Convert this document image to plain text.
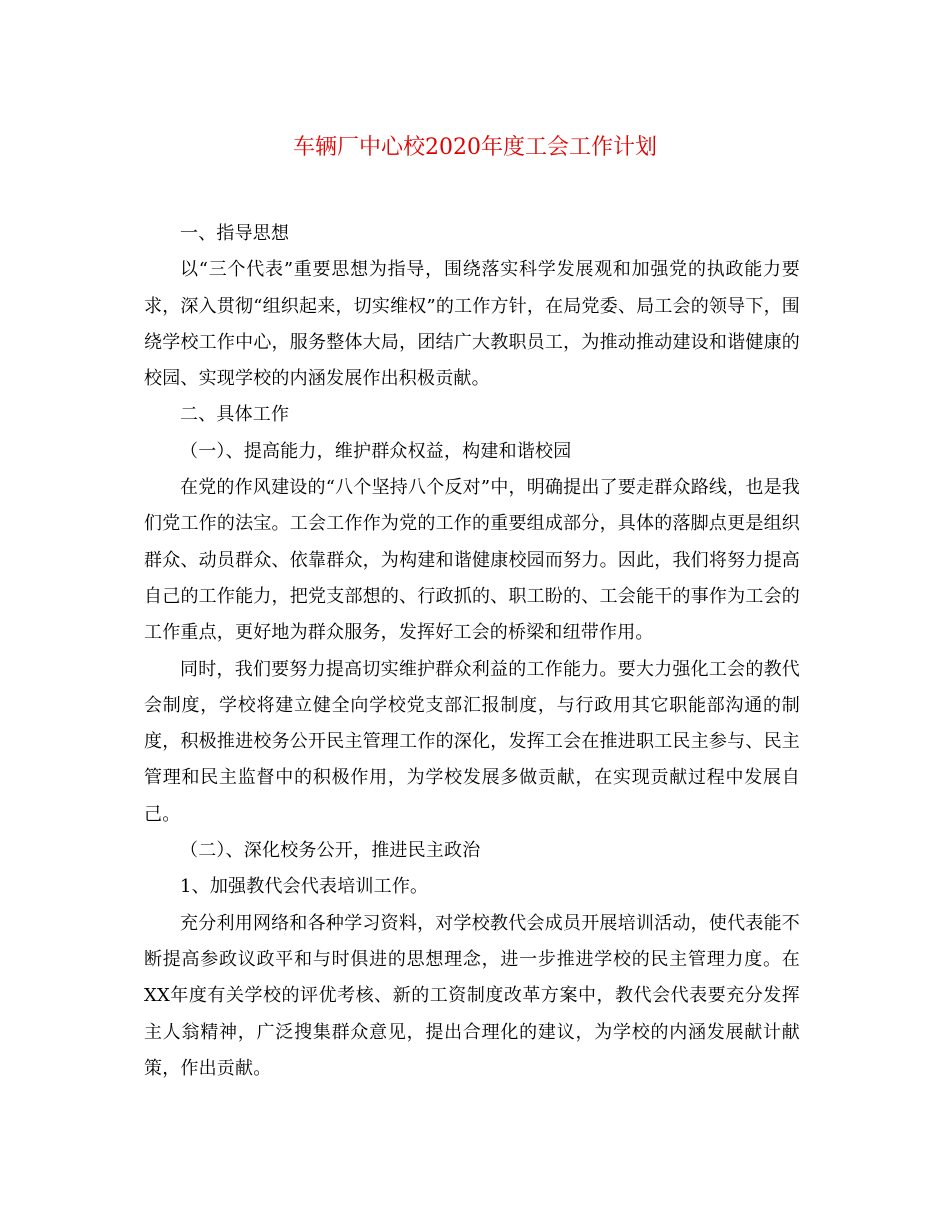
车辆厂中心校2020年度工会工作计划

一、指导思想

以“三个代表”重要思想为指导，围绕落实科学发展观和加强党的执政能力要求，深入贯彻“组织起来，切实维权”的工作方针，在局党委、局工会的领导下，围绕学校工作中心，服务整体大局，团结广大教职员工，为推动推动建设和谐健康的校园、实现学校的内涵发展作出积极贡献。

二、具体工作

（一）、提高能力，维护群众权益，构建和谐校园

在党的作风建设的“八个坚持八个反对”中，明确提出了要走群众路线，也是我们党工作的法宝。工会工作作为党的工作的重要组成部分，具体的落脚点更是组织群众、动员群众、依靠群众，为构建和谐健康校园而努力。因此，我们将努力提高自己的工作能力，把党支部想的、行政抓的、职工盼的、工会能干的事作为工会的工作重点，更好地为群众服务，发挥好工会的桥梁和纽带作用。

同时，我们要努力提高切实维护群众利益的工作能力。要大力强化工会的教代会制度，学校将建立健全向学校党支部汇报制度，与行政用其它职能部沟通的制度，积极推进校务公开民主管理工作的深化，发挥工会在推进职工民主参与、民主管理和民主监督中的积极作用，为学校发展多做贡献，在实现贡献过程中发展自己。

（二）、深化校务公开，推进民主政治

1、加强教代会代表培训工作。

充分利用网络和各种学习资料，对学校教代会成员开展培训活动，使代表能不断提高参政议政平和与时俱进的思想理念，进一步推进学校的民主管理力度。在XX年度有关学校的评优考核、新的工资制度改革方案中，教代会代表要充分发挥主人翁精神，广泛搜集群众意见，提出合理化的建议，为学校的内涵发展献计献策，作出贡献。
